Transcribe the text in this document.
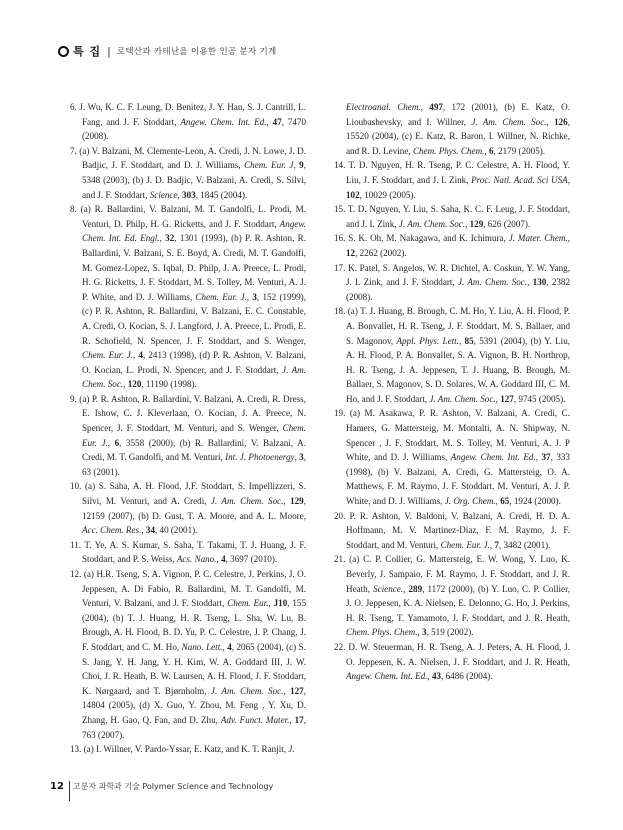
특 집 | 로택산과 카테난을 이용한 인공 분자 기계

6. J. Wu, K. C. F. Leung, D. Benitez, J. Y. Han, S. J. Cantrill, L. Fang, and J. F. Stoddart, Angew. Chem. Int. Ed., 47, 7470 (2008).

7. (a) V. Balzani, M. Clemente-Leon, A. Credi, J. N. Lowe, J. D. Badjic, J. F. Stoddart, and D. J. Williams, Chem. Eur. J, 9, 5348 (2003), (b) J. D. Badjic, V. Balzani, A. Credi, S. Silvi, and J. F. Stoddart, Science, 303, 1845 (2004).

8. (a) R. Ballardini, V. Balzani, M. T. Gandolfi, L. Prodi, M. Venturi, D. Philp, H. G. Ricketts, and J. F. Stoddart, Angew. Chem. Int. Ed. Engl., 32, 1301 (1993), (b) P. R. Ashton, R. Ballardini, V. Balzani, S. E. Boyd, A. Credi, M. T. Gandolfi, M. Gomez-Lopez, S. Iqbal, D. Philp, J. A. Preece, L. Prodi, H. G. Ricketts, J. F. Stoddart, M. S. Tolley, M. Venturi, A. J. P. White, and D. J. Williams, Chem. Eur. J., 3, 152 (1999), (c) P. R. Ashton, R. Ballardini, V. Balzani, E. C. Constable, A. Credi, O. Kocian, S. J. Langford, J. A. Preece, L. Prodi, E. R. Schofield, N. Spencer, J. F. Stoddart, and S. Wenger, Chem. Eur. J., 4, 2413 (1998), (d) P. R. Ashton, V. Balzani, O. Kocian, L. Prodi, N. Spencer, and J. F. Stoddart, J. Am. Chem. Soc., 120, 11190 (1998).

9. (a) P. R. Ashton, R. Ballardini, V. Balzani, A. Credi, R. Dress, E. Ishow, C. J. Kleverlaan, O. Kocian, J. A. Preece, N. Spencer, J. F. Stoddart, M. Venturi, and S. Wenger, Chem. Eur. J., 6, 3558 (2000), (b) R. Ballardini, V. Balzani, A. Credi, M. T. Gandolfi, and M. Venturi, Int. J. Photoenergy, 3, 63 (2001).

10. (a) S. Saha, A. H. Flood, J.F. Stoddart, S. Impellizzeri, S. Silvi, M. Venturi, and A. Credi, J. Am. Chem. Soc., 129, 12159 (2007), (b) D. Gust, T. A. Moore, and A. L. Moore, Acc. Chem. Res., 34, 40 (2001).

11. T. Ye, A. S. Kumar, S. Saha, T. Takami, T. J. Huang, J. F. Stoddart, and P. S. Weiss, Acs. Nano., 4, 3697 (2010).

12. (a) H.R. Tseng, S. A. Vignon, P. C. Celestre, J. Perkins, J. O. Jeppesen, A. Di Fabio, R. Ballardini, M. T. Gandolfi, M. Venturi, V. Balzani, and J. F. Stoddart, Chem. Eur., J10, 155 (2004), (b) T. J. Huang, H. R. Tseng, L. Sha, W. Lu, B. Brough, A. H. Flood, B. D. Yu, P. C. Celestre, J. P. Chang, J. F. Stoddart, and C. M. Ho, Nano. Lett., 4, 2065 (2004), (c) S. S. Jang, Y. H. Jang, Y. H. Kim, W. A. Goddard III, J. W. Choi, J. R. Heath, B. W. Laursen, A. H. Flood, J. F. Stoddart, K. Nørgaard, and T. Bjørnholm, J. Am. Chem. Soc., 127, 14804 (2005), (d) X. Guo, Y. Zhou, M. Feng , Y. Xu, D. Zhang, H. Gao, Q. Fan, and D. Zhu, Adv. Funct. Mater., 17, 763 (2007).

13. (a) I. Willner, V. Pardo-Yssar, E. Katz, and K. T. Ranjit, J.

Electroanal. Chem., 497, 172 (2001), (b) E. Katz, O. Lioubashevsky, and I. Willner, J. Am. Chem. Soc., 126, 15520 (2004), (c) E. Katz, R. Baron, I. Willner, N. Richke, and R. D. Levine, Chem. Phys. Chem., 6, 2179 (2005).

14. T. D. Nguyen, H. R. Tseng, P. C. Celestre, A. H. Flood, Y. Liu, J. F. Stoddart, and J. I. Zink, Proc. Natl. Acad. Sci USA, 102, 10029 (2005).

15. T. D. Nguyen, Y. Liu, S. Saha, K. C. F. Leug, J. F. Stoddart, and J. I. Zink, J. Am. Chem. Soc., 129, 626 (2007).

16. S. K. Oh, M. Nakagawa, and K. Ichimura, J. Mater. Chem., 12, 2262 (2002).

17. K. Patel, S. Angelos, W. R. Dichtel, A. Coskun, Y. W. Yang, J. I. Zink, and J. F. Stoddart, J. Am. Chem. Soc., 130, 2382 (2008).

18. (a) T. J. Huang, B. Brough, C. M. Ho, Y. Liu, A. H. Flood, P. A. Bonvallet, H. R. Tseng, J. F. Stoddart, M. S. Ballaer, and S. Magonov, Appl. Phys. Lett., 85, 5391 (2004), (b) Y. Liu, A. H. Flood, P. A. Bonvallet, S. A. Vignon, B. H. Northrop, H. R. Tseng, J. A. Jeppesen, T. J. Huang, B. Brough, M. Ballaer, S. Magonov, S. D. Solares, W. A. Goddard III, C. M. Ho, and J. F. Stoddart, J. Am. Chem. Soc., 127, 9745 (2005).

19. (a) M. Asakawa, P. R. Ashton, V. Balzani, A. Credi, C. Hamers, G. Mattersteig, M. Montalti, A. N. Shipway, N. Spencer , J. F. Stoddart, M. S. Tolley, M. Venturi, A. J. P White, and D. J. Williams, Angew. Chem. Int. Ed., 37, 333 (1998), (b) V. Balzani, A. Credi, G. Mattersteig, O. A. Matthews, F. M. Raymo, J. F. Stoddart, M. Venturi, A. J. P. White, and D. J. Williams, J. Org. Chem., 65, 1924 (2000).

20. P. R. Ashton, V. Baldoni, V. Balzani, A. Credi, H. D. A. Hoffmann, M. V. Martinez-Diaz, F. M. Raymo, J. F. Stoddart, and M. Venturi, Chem. Eur. J., 7, 3482 (2001).

21. (a) C. P. Collier, G. Mattersteig, E. W. Wong, Y. Luo, K. Beverly, J. Sampaio, F. M. Raymo, J. F. Stoddart, and J. R. Heath, Science., 289, 1172 (2000), (b) Y. Luo, C. P. Collier, J. O. Jeppesen, K. A. Nielsen, E. Delonno, G. Ho, J. Perkins, H. R. Tseng, T. Yamamoto, J. F. Stoddart, and J. R. Heath, Chem. Phys. Chem., 3, 519 (2002).

22. D. W. Steuerman, H. R. Tseng, A. J. Peters, A. H. Flood, J. O. Jeppesen, K. A. Nielsen, J. F. Stoddart, and J. R. Heath, Angew. Chem. Int. Ed., 43, 6486 (2004).

12 고분자 과학과 기술 Polymer Science and Technology
